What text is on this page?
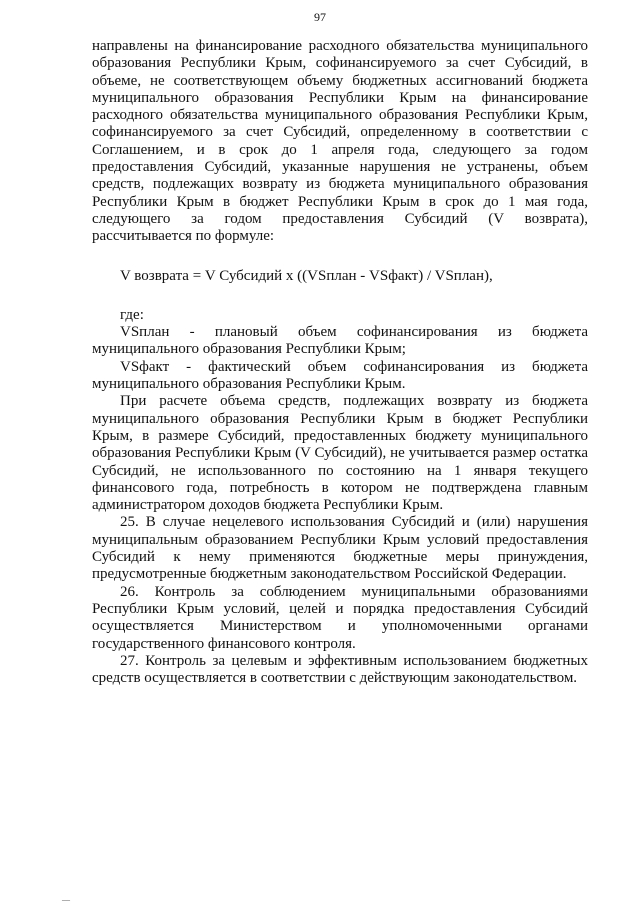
97

направлены на финансирование расходного обязательства муниципального образования Республики Крым, софинансируемого за счет Субсидий, в объеме, не соответствующем объему бюджетных ассигнований бюджета муниципального образования Республики Крым на финансирование расходного обязательства муниципального образования Республики Крым, софинансируемого за счет Субсидий, определенному в соответствии с Соглашением, и в срок до 1 апреля года, следующего за годом предоставления Субсидий, указанные нарушения не устранены, объем средств, подлежащих возврату из бюджета муниципального образования Республики Крым в бюджет Республики Крым в срок до 1 мая года, следующего за годом предоставления Субсидий (V возврата), рассчитывается по формуле:

V возврата = V Субсидий x ((VSплан - VSфакт) / VSплан),

где:

VSплан - плановый объем софинансирования из бюджета муниципального образования Республики Крым;

VSфакт - фактический объем софинансирования из бюджета муниципального образования Республики Крым.

При расчете объема средств, подлежащих возврату из бюджета муниципального образования Республики Крым в бюджет Республики Крым, в размере Субсидий, предоставленных бюджету муниципального образования Республики Крым (V Субсидий), не учитывается размер остатка Субсидий, не использованного по состоянию на 1 января текущего финансового года, потребность в котором не подтверждена главным администратором доходов бюджета Республики Крым.

25. В случае нецелевого использования Субсидий и (или) нарушения муниципальным образованием Республики Крым условий предоставления Субсидий к нему применяются бюджетные меры принуждения, предусмотренные бюджетным законодательством Российской Федерации.

26. Контроль за соблюдением муниципальными образованиями Республики Крым условий, целей и порядка предоставления Субсидий осуществляется Министерством и уполномоченными органами государственного финансового контроля.

27. Контроль за целевым и эффективным использованием бюджетных средств осуществляется в соответствии с действующим законодательством.

—
